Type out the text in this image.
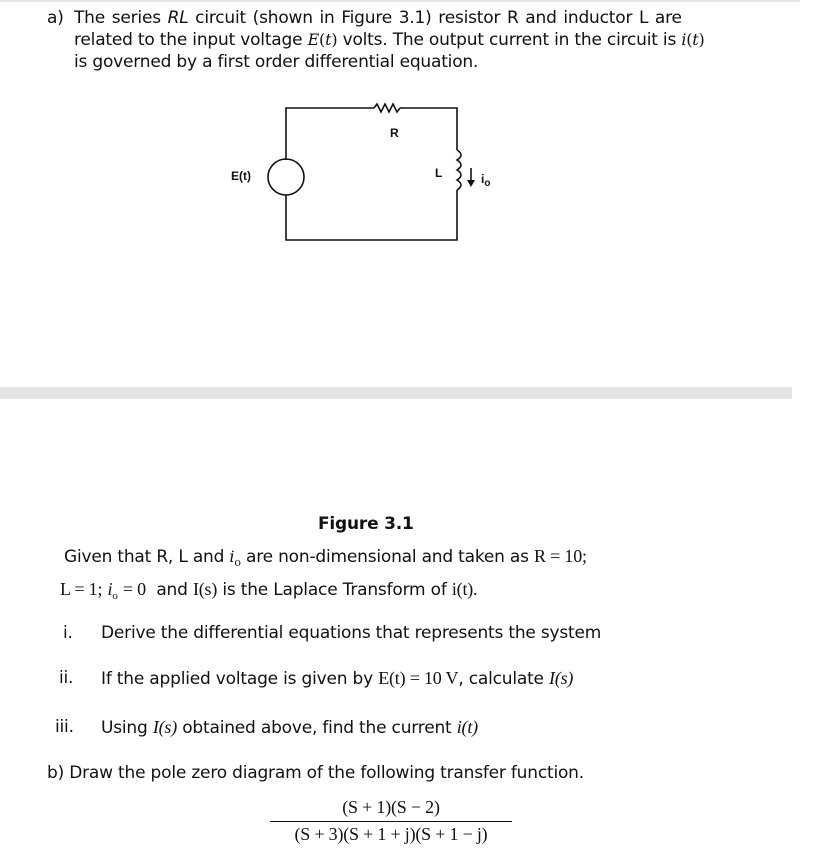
a) The series RL circuit (shown in Figure 3.1) resistor R and inductor L are
related to the input voltage E(t) volts. The output current in the circuit is i(t)
is governed by a first order differential equation.
E(t)
R
L	$i_o$
Figure 3.1
Given that R, L and $i_o$ are non-dimensional and taken as R = 10;
L = 1; $i_o = 0$ and I(s) is the Laplace Transform of i(t).
i. Derive the differential equations that represents the system
ii. If the applied voltage is given by E(t) = 10 V, calculate I(s)
iii. Using I(s) obtained above, find the current i(t)
b) Draw the pole zero diagram of the following transfer function.
(S + 1)(S − 2)
(S + 3)(S + 1 + j)(S + 1 − j)
